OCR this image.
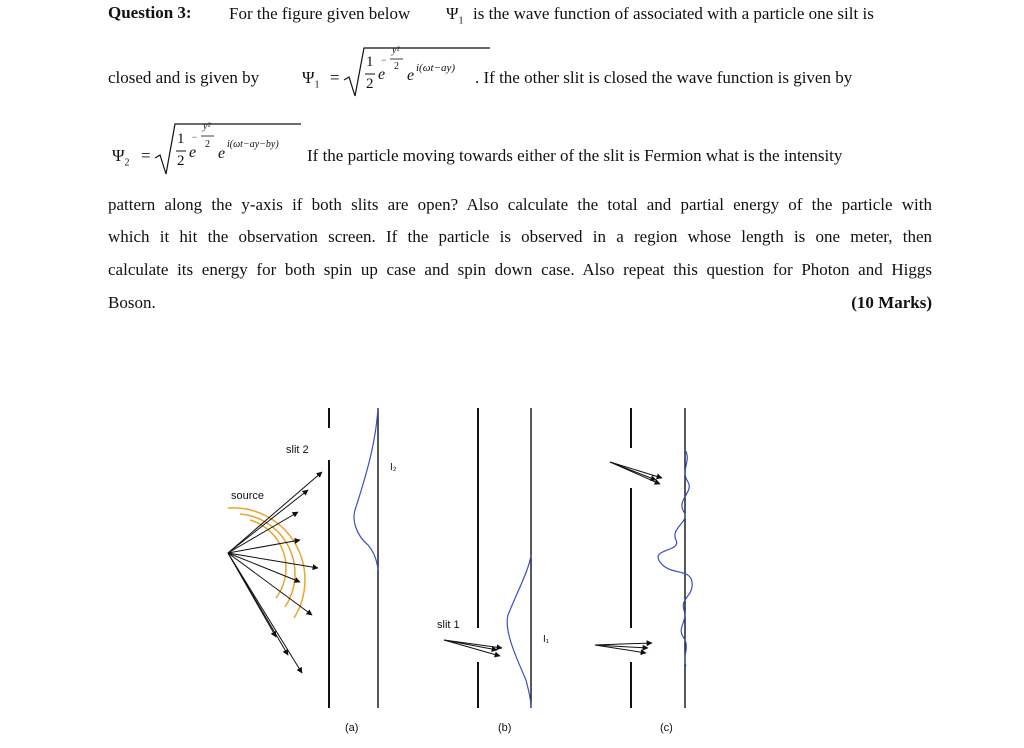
Question 3: For the figure given below $\Psi_1$ is the wave function of associated with a particle one silt is
closed and is given by	$\Psi_1$ =
1
2
e
−
y²
2
e i(ωt−ay) . If the other slit is closed the wave function is given by
$\Psi_2$ =
1
2 e
−
y²
2
e
i(ωt−ay−by)
If the particle moving towards either of the slit is Fermion what is the intensity
pattern along the y-axis if both slits are open? Also calculate the total and partial energy of the particle with
which it hit the observation screen. If the particle is observed in a region whose length is one meter, then
calculate its energy for both spin up case and spin down case. Also repeat this question for Photon and Higgs
Boson.	(10 Marks)
slit 2
source
I₂
(a)
slit 1
I₁
(b)	(c)
